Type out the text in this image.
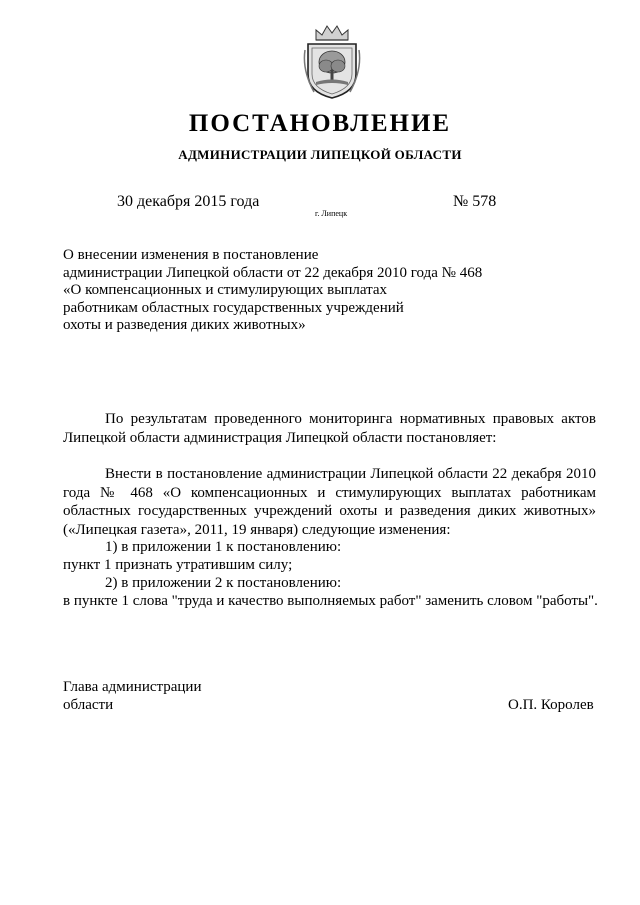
ПОСТАНОВЛЕНИЕ
АДМИНИСТРАЦИИ ЛИПЕЦКОЙ ОБЛАСТИ
30 декабря 2015 года
г. Липецк
№ 578
О внесении изменения в постановление
администрации Липецкой области от 22 декабря 2010 года № 468
«О компенсационных и стимулирующих выплатах
работникам областных государственных учреждений
охоты и разведения диких животных»
По результатам проведенного мониторинга нормативных правовых актов Липецкой области администрация Липецкой области постановляет:
Внести в постановление администрации Липецкой области 22 декабря 2010 года № 468 «О компенсационных и стимулирующих выплатах работникам областных государственных учреждений охоты и разведения диких животных» («Липецкая газета», 2011, 19 января) следующие изменения:
1) в приложении 1 к постановлению:
пункт 1 признать утратившим силу;
2) в приложении 2 к постановлению:
в пункте 1 слова "труда и качество выполняемых работ" заменить словом "работы".
Глава администрации
области	О.П. Королев
